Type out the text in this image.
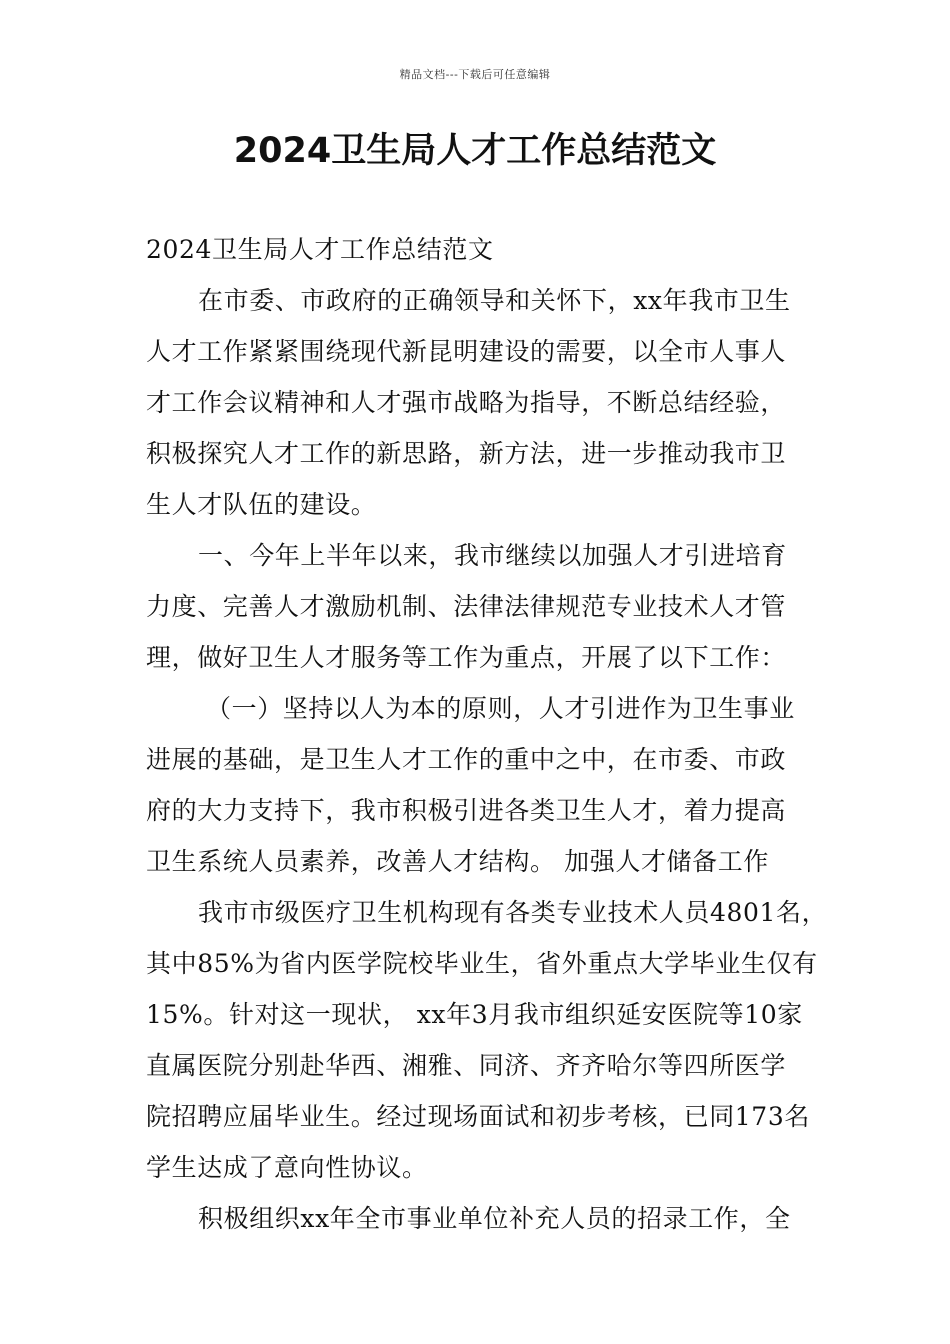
精品文档---下载后可任意编辑
2024卫生局人才工作总结范文
2024卫生局人才工作总结范文
在市委、市政府的正确领导和关怀下，xx年我市卫生
人才工作紧紧围绕现代新昆明建设的需要，以全市人事人
才工作会议精神和人才强市战略为指导，不断总结经验，
积极探究人才工作的新思路，新方法，进一步推动我市卫
生人才队伍的建设。
一、今年上半年以来，我市继续以加强人才引进培育
力度、完善人才激励机制、法律法律规范专业技术人才管
理，做好卫生人才服务等工作为重点，开展了以下工作：
（一）坚持以人为本的原则，人才引进作为卫生事业
进展的基础，是卫生人才工作的重中之中，在市委、市政
府的大力支持下，我市积极引进各类卫生人才，着力提高
卫生系统人员素养，改善人才结构。 加强人才储备工作
我市市级医疗卫生机构现有各类专业技术人员4801名，
其中85%为省内医学院校毕业生，省外重点大学毕业生仅有
15%。针对这一现状， xx年3月我市组织延安医院等10家
直属医院分别赴华西、湘雅、同济、齐齐哈尔等四所医学
院招聘应届毕业生。经过现场面试和初步考核，已同173名
学生达成了意向性协议。
积极组织xx年全市事业单位补充人员的招录工作，全
